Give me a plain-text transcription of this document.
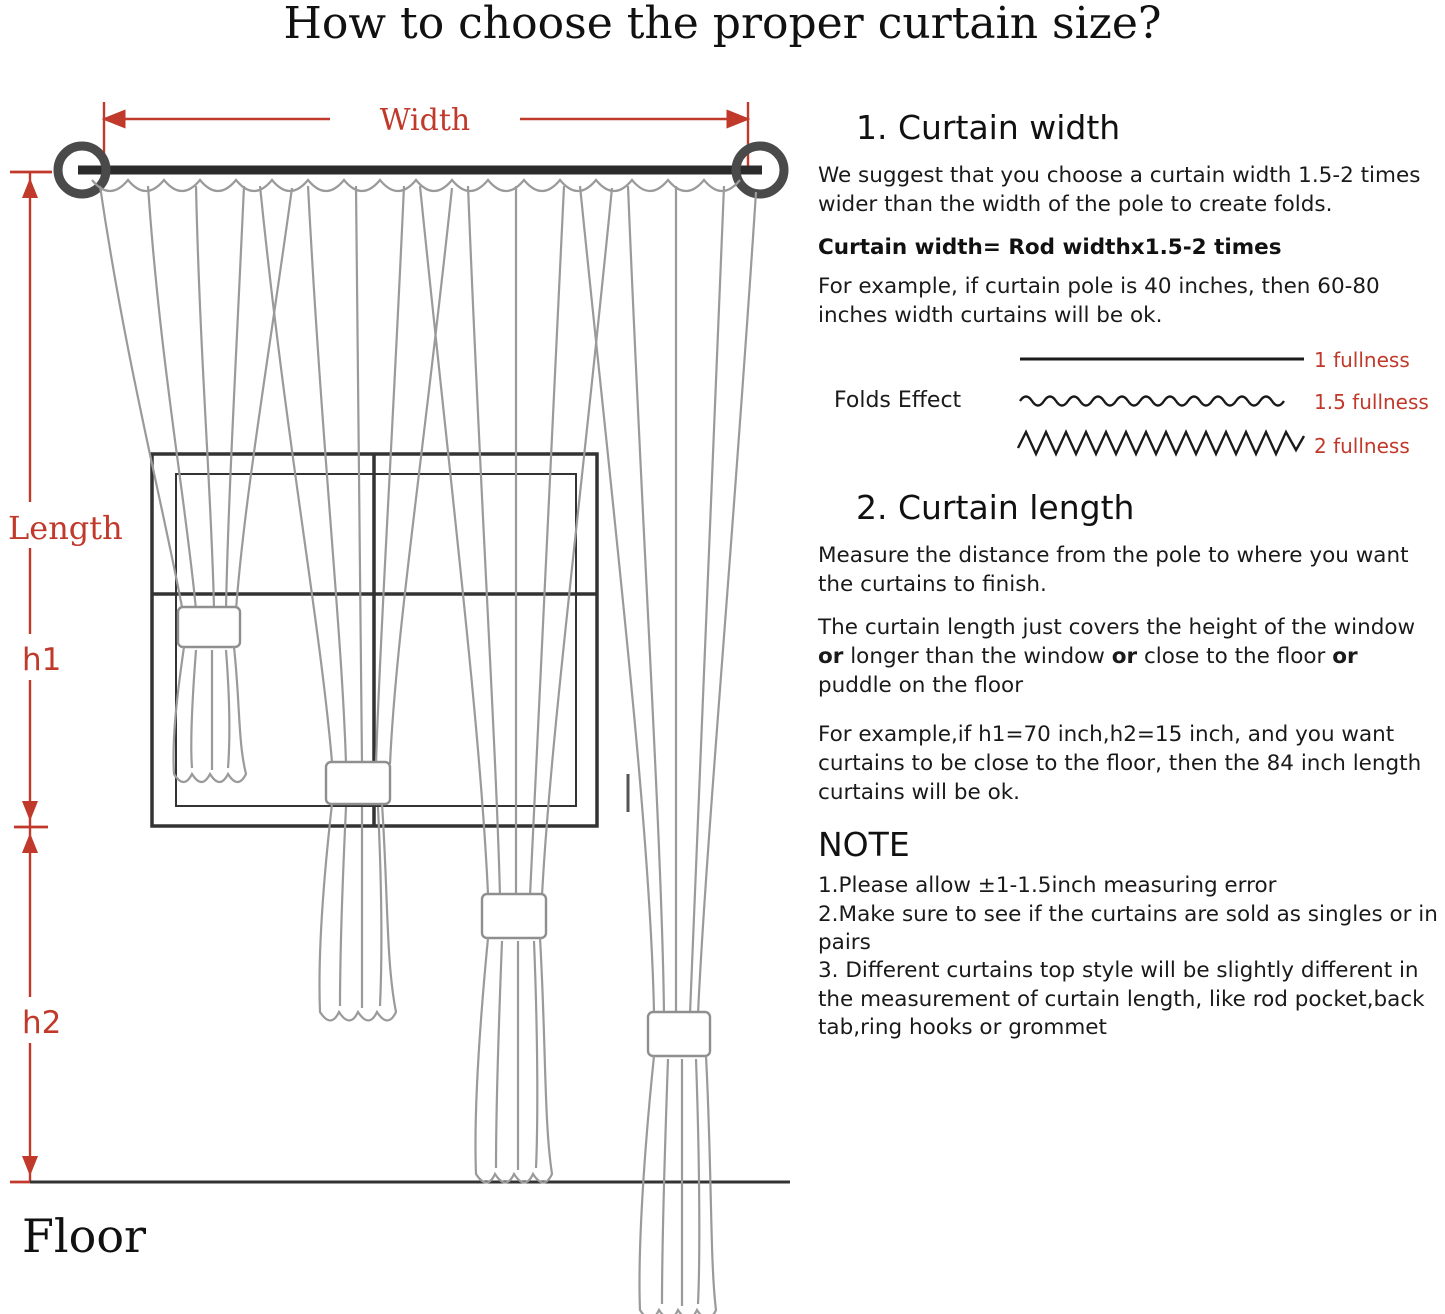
How to choose the proper curtain size?
Width
Length
h1
h2
Floor
1. Curtain width

We suggest that you choose a curtain width 1.5-2 times wider than the width of the pole to create folds.

Curtain width= Rod widthx1.5-2 times

For example, if curtain pole is 40 inches, then 60-80 inches width curtains will be ok.

Folds Effect
1 fullness
1.5 fullness
2 fullness
2. Curtain length

Measure the distance from the pole to where you want the curtains to finish.

The curtain length just covers the height of the window or longer than the window or close to the floor or puddle on the floor

For example,if h1=70 inch,h2=15 inch, and you want curtains to be close to the floor, then the 84 inch length curtains will be ok.

NOTE

1.Please allow ±1-1.5inch measuring error

2.Make sure to see if the curtains are sold as singles or in pairs

3. Different curtains top style will be slightly different in the measurement of curtain length, like rod pocket,back tab,ring hooks or grommet
